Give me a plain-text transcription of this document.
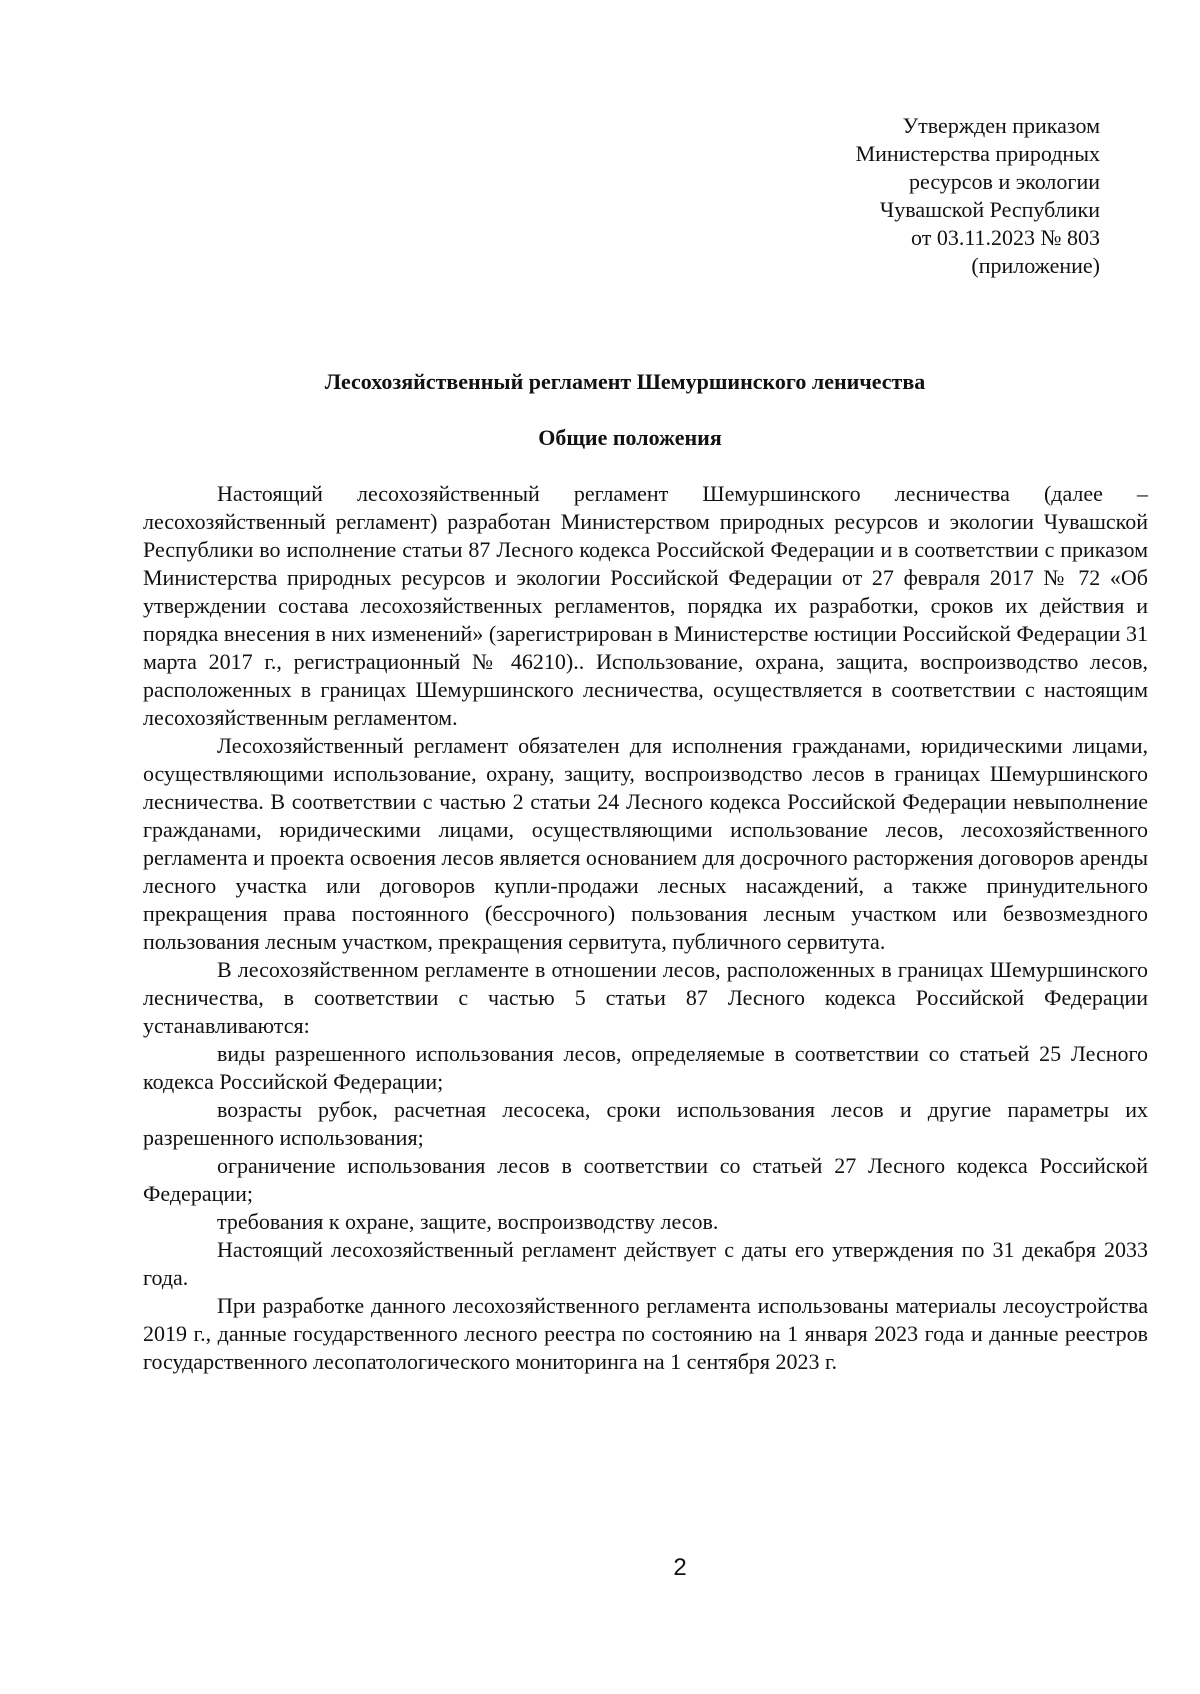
Утвержден приказом
Министерства природных
ресурсов и экологии
Чувашской Республики
от 03.11.2023 № 803
(приложение)
Лесохозяйственный регламент Шемуршинского леничества
Общие положения

Настоящий лесохозяйственный регламент Шемуршинского лесничества (далее – лесохозяйственный регламент) разработан Министерством природных ресурсов и экологии Чувашской Республики во исполнение статьи 87 Лесного кодекса Российской Федерации и в соответствии с приказом Министерства природных ресурсов и экологии Российской Федерации от 27 февраля 2017 № 72 «Об утверждении состава лесохозяйственных регламентов, порядка их разработки, сроков их действия и порядка внесения в них изменений» (зарегистрирован в Министерстве юстиции Российской Федерации 31 марта 2017 г., регистрационный № 46210).. Использование, охрана, защита, воспроизводство лесов, расположенных в границах Шемуршинского лесничества, осуществляется в соответствии с настоящим лесохозяйственным регламентом.

Лесохозяйственный регламент обязателен для исполнения гражданами, юридическими лицами, осуществляющими использование, охрану, защиту, воспроизводство лесов в границах Шемуршинского лесничества. В соответствии с частью 2 статьи 24 Лесного кодекса Российской Федерации невыполнение гражданами, юридическими лицами, осуществляющими использование лесов, лесохозяйственного регламента и проекта освоения лесов является основанием для досрочного расторжения договоров аренды лесного участка или договоров купли-продажи лесных насаждений, а также принудительного прекращения права постоянного (бессрочного) пользования лесным участком или безвозмездного пользования лесным участком, прекращения сервитута, публичного сервитута.

В лесохозяйственном регламенте в отношении лесов, расположенных в границах Шемуршинского лесничества, в соответствии с частью 5 статьи 87 Лесного кодекса Российской Федерации устанавливаются:

виды разрешенного использования лесов, определяемые в соответствии со статьей 25 Лесного кодекса Российской Федерации;

возрасты рубок, расчетная лесосека, сроки использования лесов и другие параметры их разрешенного использования;

ограничение использования лесов в соответствии со статьей 27 Лесного кодекса Российской Федерации;

требования к охране, защите, воспроизводству лесов.

Настоящий лесохозяйственный регламент действует с даты его утверждения по 31 декабря 2033 года.

При разработке данного лесохозяйственного регламента использованы материалы лесоустройства 2019 г., данные государственного лесного реестра по состоянию на 1 января 2023 года и данные реестров государственного лесопатологического мониторинга на 1 сентября 2023 г.

2
